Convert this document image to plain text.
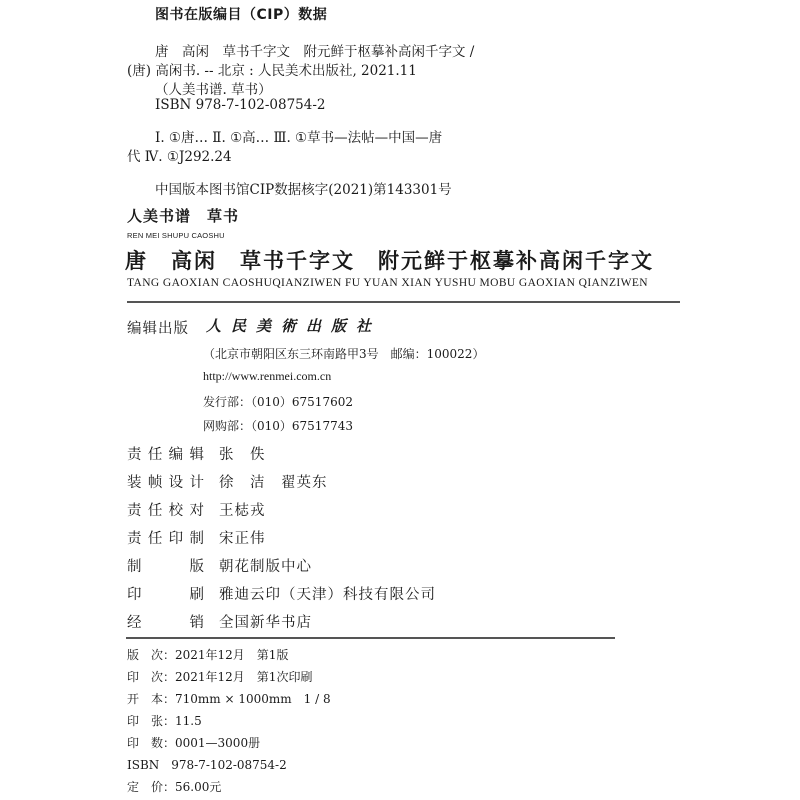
图书在版编目（CIP）数据
唐　高闲　草书千字文　附元鲜于枢摹补高闲千字文 /
(唐) 高闲书. -- 北京 : 人民美术出版社, 2021.11
（人美书谱. 草书）
ISBN 978-7-102-08754-2
Ⅰ. ①唐… Ⅱ. ①高… Ⅲ. ①草书—法帖—中国—唐
代 Ⅳ. ①J292.24
中国版本图书馆CIP数据核字(2021)第143301号
人美书谱　草书
REN MEI SHUPU CAOSHU
唐　高闲　草书千字文　附元鲜于枢摹补高闲千字文
TANG GAOXIAN CAOSHUQIANZIWEN FU YUAN XIAN YUSHU MOBU GAOXIAN QIANZIWEN
编辑出版 人民美術出版社
（北京市朝阳区东三环南路甲3号　邮编：100022）
http://www.renmei.com.cn
发行部：（010）67517602
网购部：（010）67517743
责 任 编 辑 张　佚
装 帧 设 计 徐　洁　翟英东
责 任 校 对 王梽戎
责 任 印 制 宋正伟
制	版 朝花制版中心
印	刷 雅迪云印（天津）科技有限公司
经	销 全国新华书店
版　次：2021年12月　第1版
印　次：2021年12月　第1次印刷
开　本：710mm × 1000mm　1 / 8
印　张：11.5
印　数：0001—3000册
ISBN　978-7-102-08754-2
定　价：56.00元
